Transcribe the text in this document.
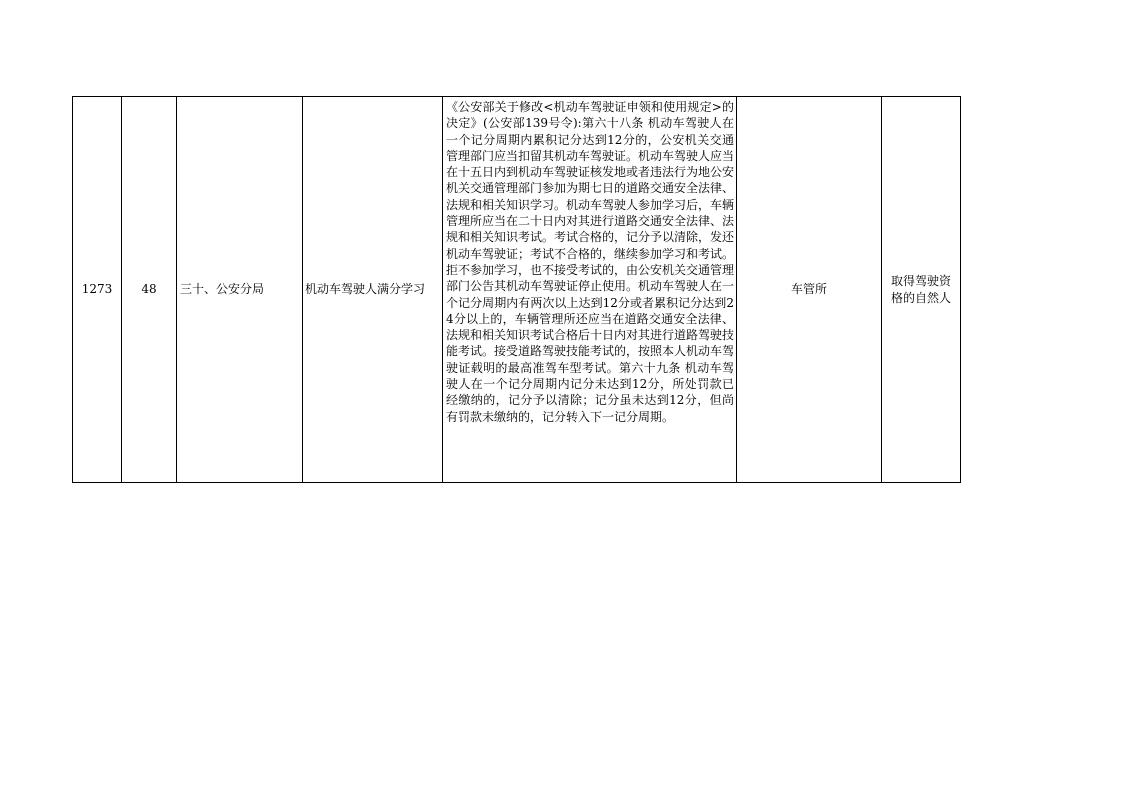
1273	48	三十、公安分局	机动车驾驶人满分学习	《公安部关于修改<机动车驾驶证申领和使用规定>的决定》(公安部139号令):第六十八条 机动车驾驶人在一个记分周期内累积记分达到12分的，公安机关交通管理部门应当扣留其机动车驾驶证。机动车驾驶人应当在十五日内到机动车驾驶证核发地或者违法行为地公安机关交通管理部门参加为期七日的道路交通安全法律、法规和相关知识学习。机动车驾驶人参加学习后，车辆管理所应当在二十日内对其进行道路交通安全法律、法规和相关知识考试。考试合格的，记分予以清除，发还机动车驾驶证；考试不合格的，继续参加学习和考试。拒不参加学习，也不接受考试的，由公安机关交通管理部门公告其机动车驾驶证停止使用。机动车驾驶人在一个记分周期内有两次以上达到12分或者累积记分达到24分以上的，车辆管理所还应当在道路交通安全法律、法规和相关知识考试合格后十日内对其进行道路驾驶技能考试。接受道路驾驶技能考试的，按照本人机动车驾驶证载明的最高准驾车型考试。第六十九条 机动车驾驶人在一个记分周期内记分未达到12分，所处罚款已经缴纳的，记分予以清除；记分虽未达到12分，但尚有罚款未缴纳的，记分转入下一记分周期。	车管所	取得驾驶资格的自然人
